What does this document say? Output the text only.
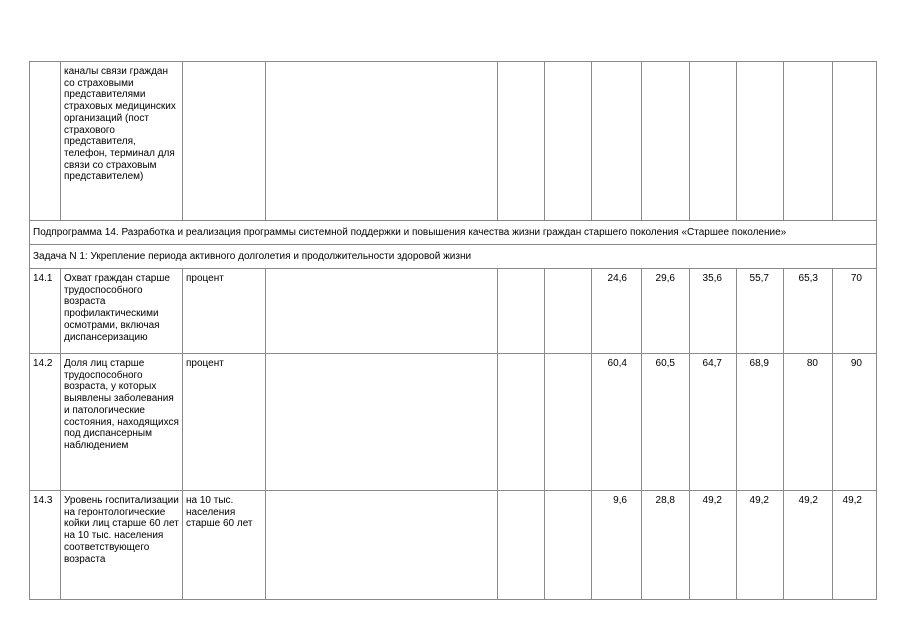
	каналы связи граждан со страховыми представителями страховых медицинских организаций (пост страхового представителя, телефон, терминал для связи со страховым представителем)										
Подпрограмма 14. Разработка и реализация программы системной поддержки и повышения качества жизни граждан старшего поколения «Старшее поколение»											
Задача N 1: Укрепление периода активного долголетия и продолжительности здоровой жизни											
14.1	Охват граждан старше трудоспособного возраста профилактическими осмотрами, включая диспансеризацию	процент				24,6	29,6	35,6	55,7	65,3	70
14.2	Доля лиц старше трудоспособного возраста, у которых выявлены заболевания и патологические состояния, находящихся под диспансерным наблюдением	процент				60,4	60,5	64,7	68,9	80	90
14.3	Уровень госпитализации на геронтологические койки лиц старше 60 лет на 10 тыс. населения соответствующего возраста	на 10 тыс. населения старше 60 лет				9,6	28,8	49,2	49,2	49,2	49,2
